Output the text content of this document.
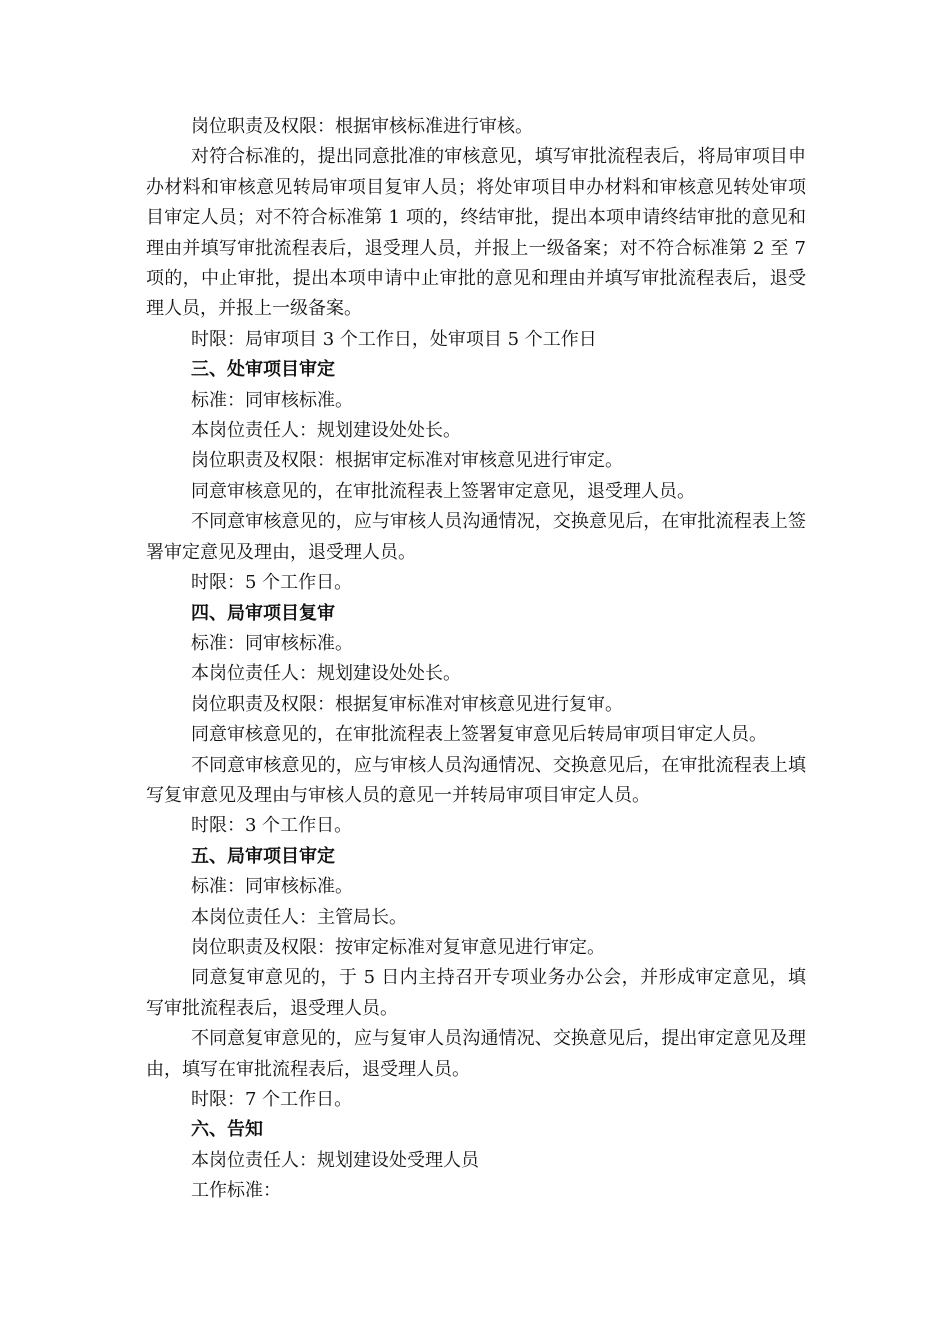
岗位职责及权限：根据审核标准进行审核。

对符合标准的，提出同意批准的审核意见，填写审批流程表后，将局审项目申办材料和审核意见转局审项目复审人员；将处审项目申办材料和审核意见转处审项目审定人员；对不符合标准第 1 项的，终结审批，提出本项申请终结审批的意见和理由并填写审批流程表后，退受理人员，并报上一级备案；对不符合标准第 2 至 7 项的，中止审批，提出本项申请中止审批的意见和理由并填写审批流程表后，退受理人员，并报上一级备案。

时限：局审项目 3 个工作日，处审项目 5 个工作日

三、处审项目审定

标准：同审核标准。

本岗位责任人：规划建设处处长。

岗位职责及权限：根据审定标准对审核意见进行审定。

同意审核意见的，在审批流程表上签署审定意见，退受理人员。

不同意审核意见的，应与审核人员沟通情况，交换意见后，在审批流程表上签署审定意见及理由，退受理人员。

时限：5 个工作日。

四、局审项目复审

标准：同审核标准。

本岗位责任人：规划建设处处长。

岗位职责及权限：根据复审标准对审核意见进行复审。

同意审核意见的，在审批流程表上签署复审意见后转局审项目审定人员。

不同意审核意见的，应与审核人员沟通情况、交换意见后，在审批流程表上填写复审意见及理由与审核人员的意见一并转局审项目审定人员。

时限：3 个工作日。

五、局审项目审定

标准：同审核标准。

本岗位责任人：主管局长。

岗位职责及权限：按审定标准对复审意见进行审定。

同意复审意见的，于 5 日内主持召开专项业务办公会，并形成审定意见，填写审批流程表后，退受理人员。

不同意复审意见的，应与复审人员沟通情况、交换意见后，提出审定意见及理由，填写在审批流程表后，退受理人员。

时限：7 个工作日。

六、告知

本岗位责任人：规划建设处受理人员

工作标准：
